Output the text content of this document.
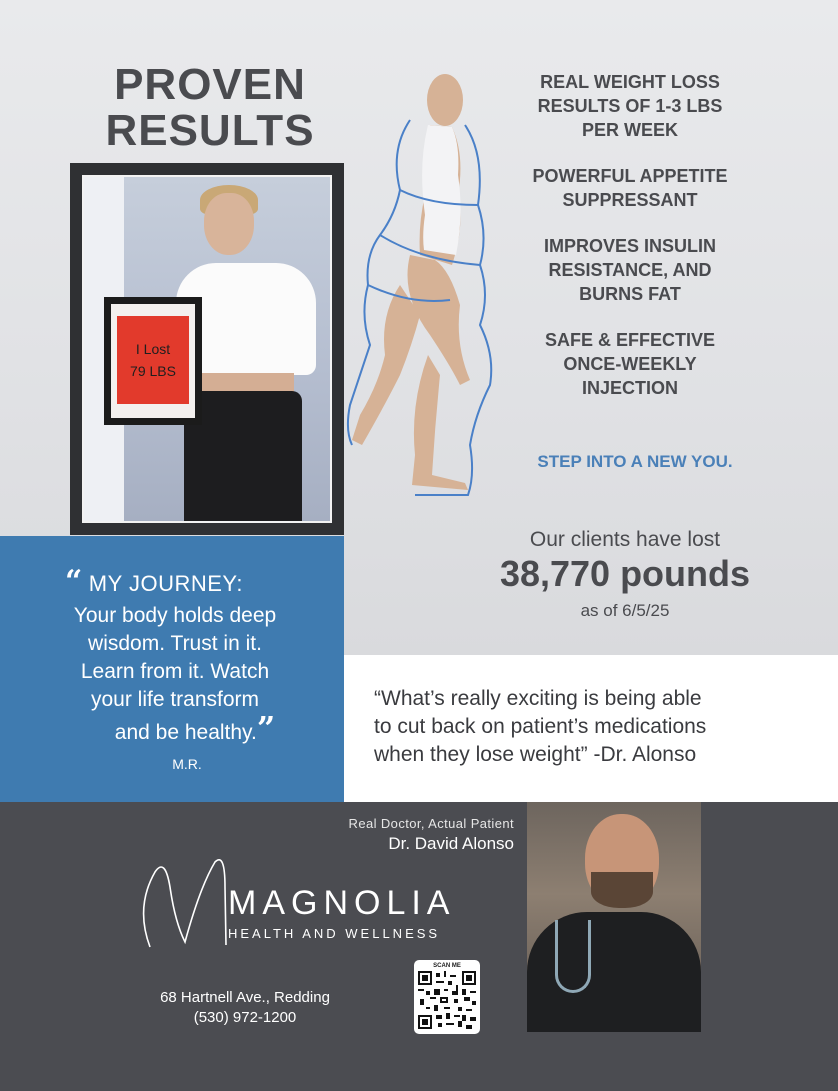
PROVEN
RESULTS
I Lost
79 LBS
REAL WEIGHT LOSS
RESULTS OF 1-3 LBS
PER WEEK
POWERFUL APPETITE
SUPPRESSANT
IMPROVES INSULIN
RESISTANCE, AND
BURNS FAT
SAFE & EFFECTIVE
ONCE-WEEKLY
INJECTION
STEP INTO A NEW YOU.
Our clients have lost
38,770 pounds
as of 6/5/25
“ MY JOURNEY:
Your body holds deep
wisdom. Trust in it.
Learn from it. Watch
your life transform
and be healthy.”
M.R.
“What’s really exciting is being able
to cut back on patient’s medications
when they lose weight” -Dr. Alonso
Real Doctor, Actual Patient
Dr. David Alonso
MAGNOLIA
HEALTH AND WELLNESS
68 Hartnell Ave., Redding
(530) 972-1200
SCAN ME
